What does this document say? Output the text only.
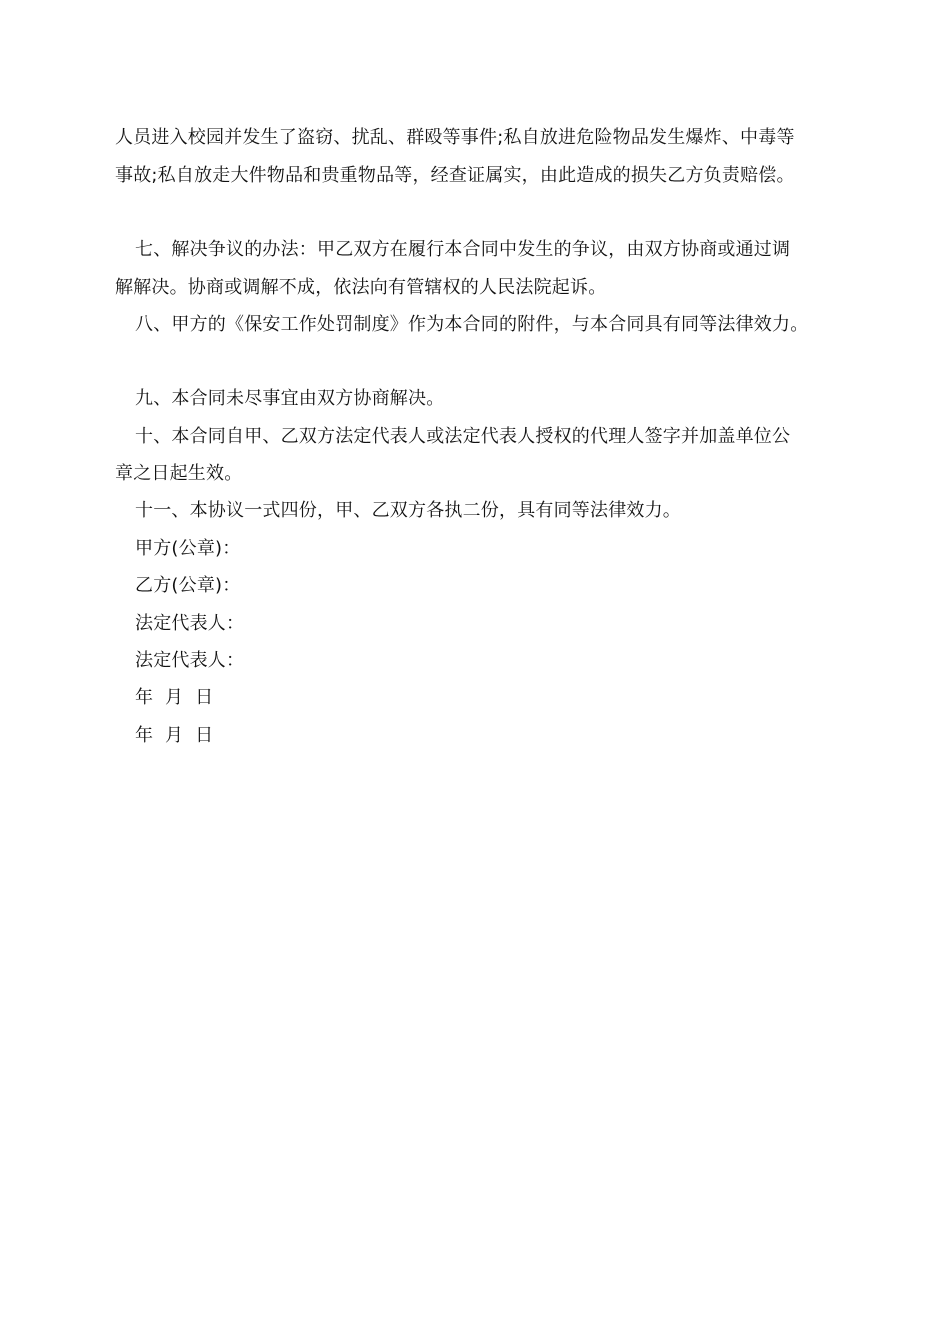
人员进入校园并发生了盗窃、扰乱、群殴等事件;私自放进危险物品发生爆炸、中毒等
事故;私自放走大件物品和贵重物品等，经查证属实，由此造成的损失乙方负责赔偿。
七、解决争议的办法：甲乙双方在履行本合同中发生的争议，由双方协商或通过调
解解决。协商或调解不成，依法向有管辖权的人民法院起诉。
八、甲方的《保安工作处罚制度》作为本合同的附件，与本合同具有同等法律效力。
九、本合同未尽事宜由双方协商解决。
十、本合同自甲、乙双方法定代表人或法定代表人授权的代理人签字并加盖单位公
章之日起生效。
十一、本协议一式四份，甲、乙双方各执二份，具有同等法律效力。
甲方(公章)：
乙方(公章)：
法定代表人：
法定代表人：
年  月  日
年  月  日
